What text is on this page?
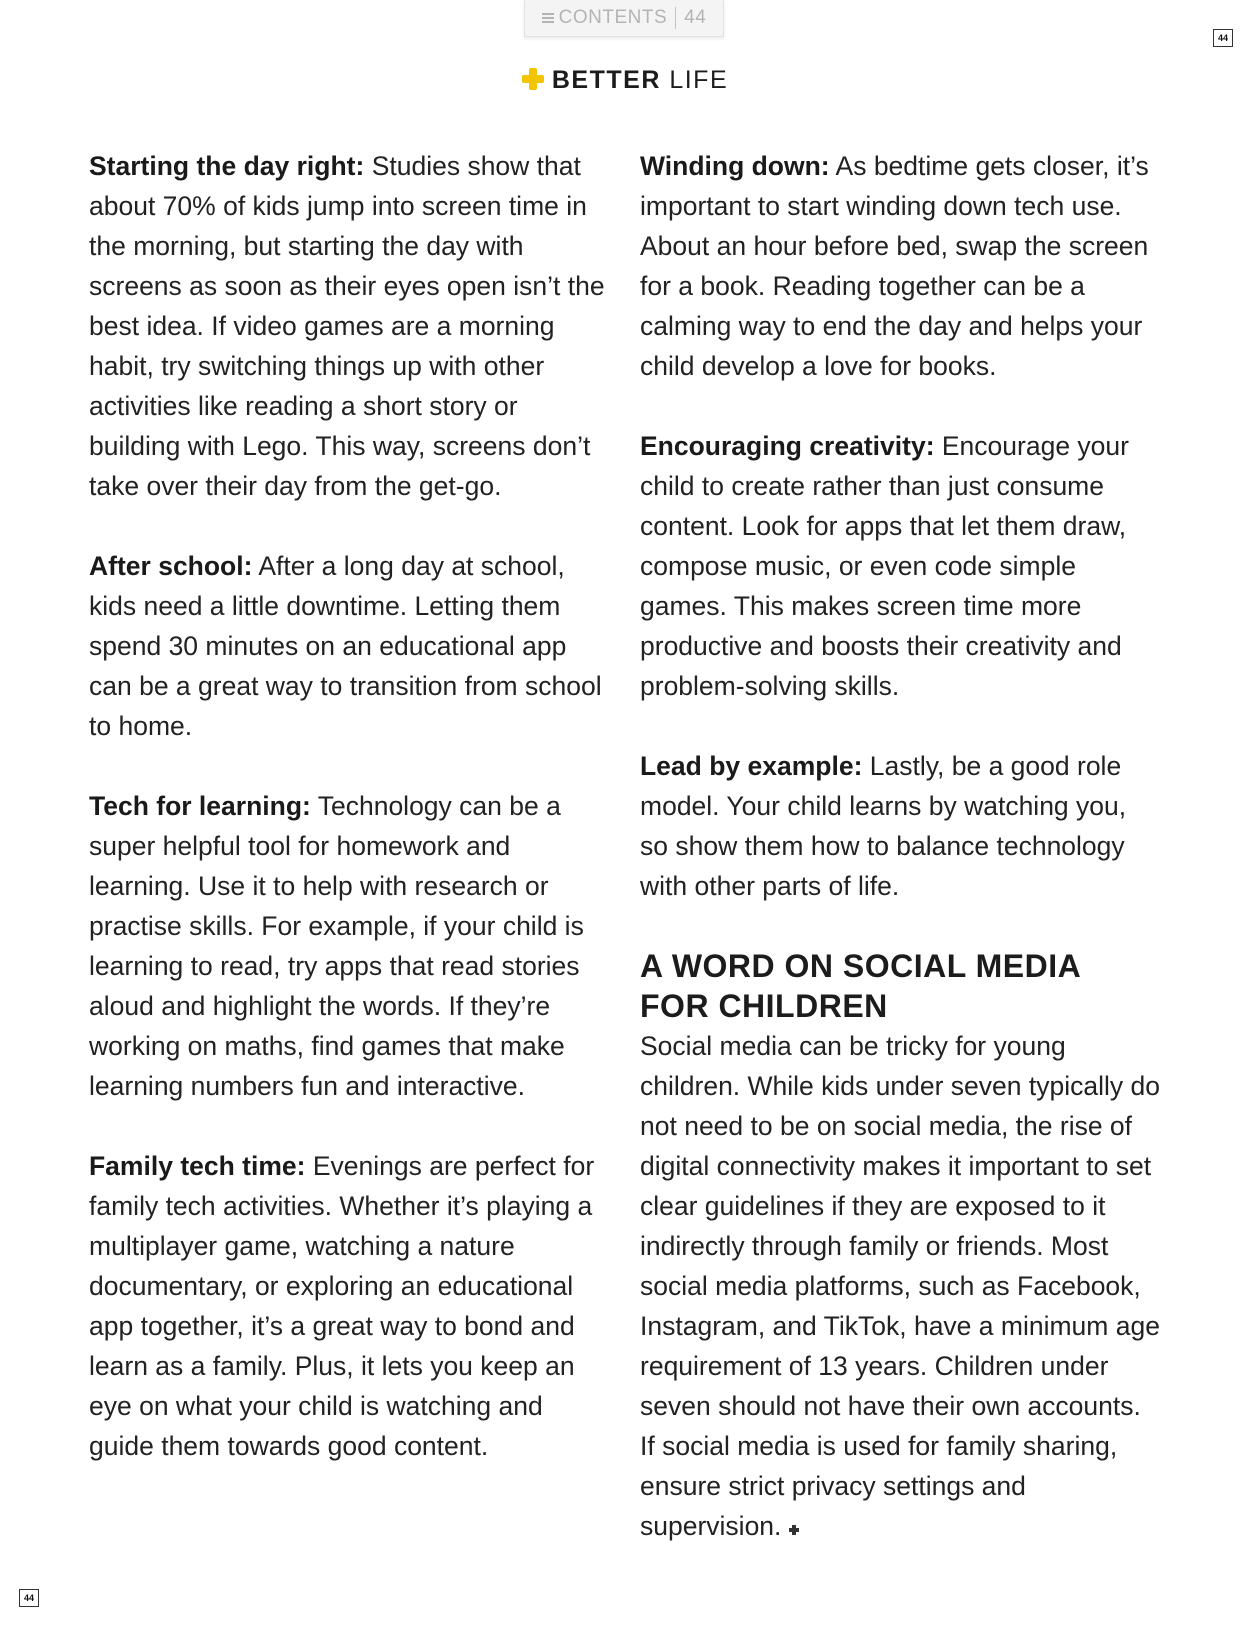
CONTENTS 44
44
BETTER LIFE

Starting the day right: Studies show that about 70% of kids jump into screen time in the morning, but starting the day with screens as soon as their eyes open isn’t the best idea. If video games are a morning habit, try switching things up with other activities like reading a short story or building with Lego. This way, screens don’t take over their day from the get-go.

After school: After a long day at school, kids need a little downtime. Letting them spend 30 minutes on an educational app can be a great way to transition from school to home.

Tech for learning: Technology can be a super helpful tool for homework and learning. Use it to help with research or practise skills. For example, if your child is learning to read, try apps that read stories aloud and highlight the words. If they’re working on maths, find games that make learning numbers fun and interactive.

Family tech time: Evenings are perfect for family tech activities. Whether it’s playing a multiplayer game, watching a nature documentary, or exploring an educational app together, it’s a great way to bond and learn as a family. Plus, it lets you keep an eye on what your child is watching and guide them towards good content.

Winding down: As bedtime gets closer, it’s important to start winding down tech use. About an hour before bed, swap the screen for a book. Reading together can be a calming way to end the day and helps your child develop a love for books.

Encouraging creativity: Encourage your child to create rather than just consume content. Look for apps that let them draw, compose music, or even code simple games. This makes screen time more productive and boosts their creativity and problem-solving skills.

Lead by example: Lastly, be a good role model. Your child learns by watching you, so show them how to balance technology with other parts of life.

A WORD ON SOCIAL MEDIA
FOR CHILDREN

Social media can be tricky for young children. While kids under seven typically do not need to be on social media, the rise of digital connectivity makes it important to set clear guidelines if they are exposed to it indirectly through family or friends. Most social media platforms, such as Facebook, Instagram, and TikTok, have a minimum age requirement of 13 years. Children under seven should not have their own accounts. If social media is used for family sharing, ensure strict privacy settings and supervision.

44
